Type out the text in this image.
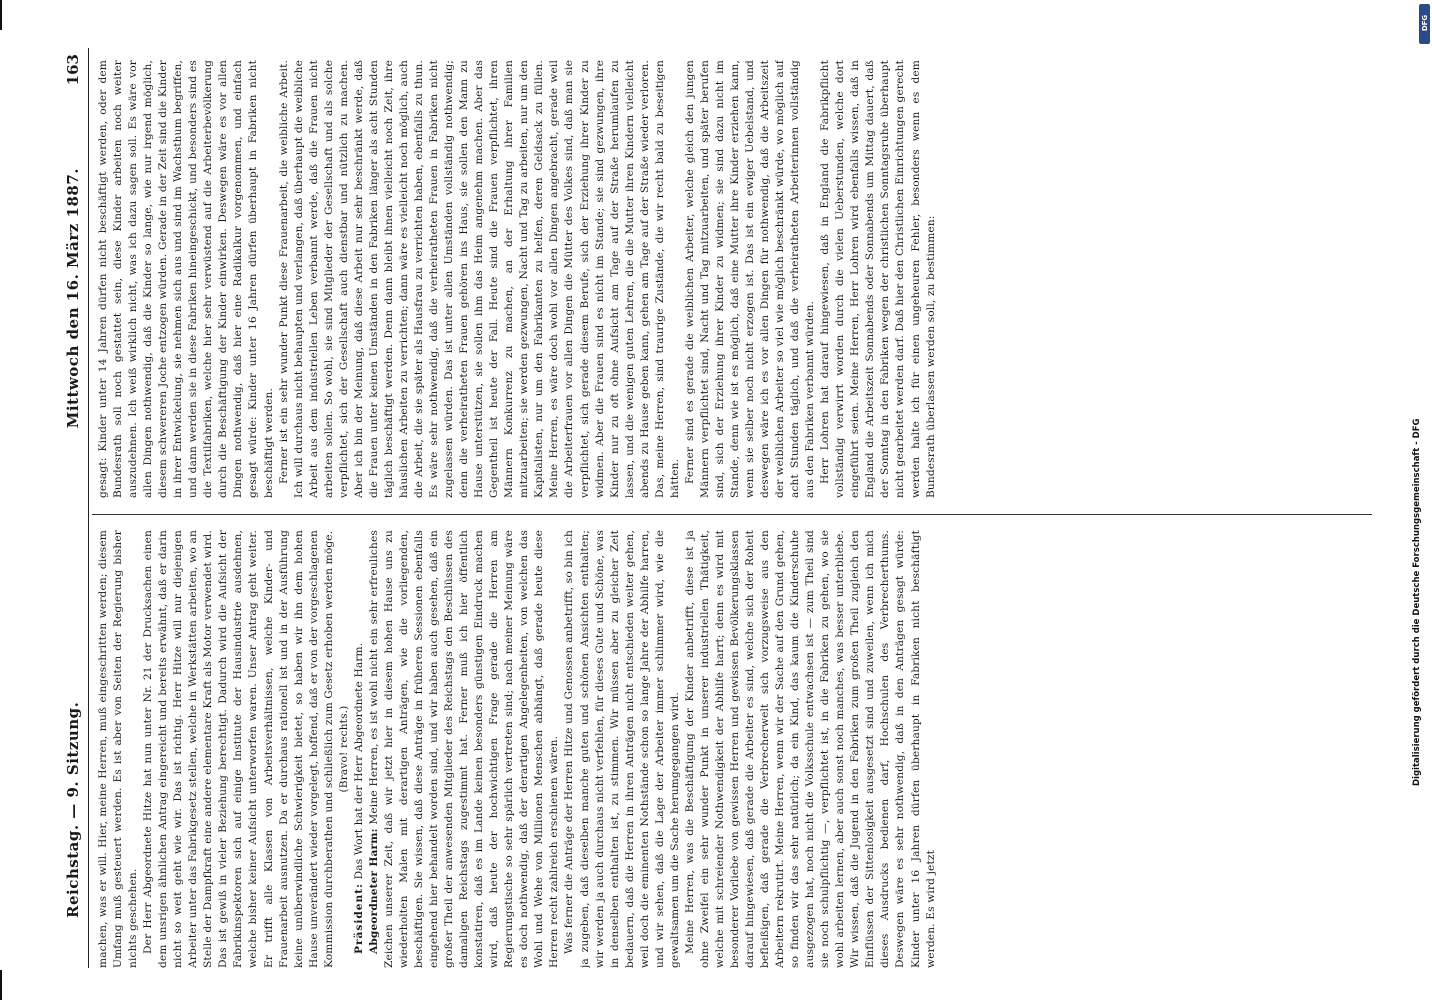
Reichstag. — 9. Sitzung.
Mittwoch den 16. März 1887.
163

machen, was er will. Hier, meine Herren, muß eingeschritten werden; diesem Umfang muß gesteuert werden. Es ist aber von Seiten der Regierung bisher nichts geschehen. Der Herr Abgeordnete Hitze hat nun unter Nr. 21 der Drucksachen einen dem unsrigen ähnlichen Antrag eingereicht und bereits erwähnt, daß er darin nicht so weit geht wie wir. Das ist richtig. Herr Hitze will nur diejenigen Arbeiter unter das Fabrikgesetz stellen, welche in Werkstätten arbeiten, wo an Stelle der Dampfkraft eine andere elementare Kraft als Motor verwendet wird. Das ist gewiß in vieler Beziehung berechtigt. Dadurch wird die Aufsicht der Fabrikinspektoren sich auf einige Institute der Hausindustrie ausdehnen, welche bisher keiner Aufsicht unterworfen waren. Unser Antrag geht weiter. Er trifft alle Klassen von Arbeitsverhältnissen, welche Kinder- und Frauenarbeit ausnutzen. Da er durchaus rationell ist und in der Ausführung keine unüberwindliche Schwierigkeit bietet, so haben wir ihn dem hohen Hause unverändert wieder vorgelegt, hoffend, daß er von der vorgeschlagenen Kommission durchberathen und schließlich zum Gesetz erhoben werden möge. (Bravo! rechts.)

Präsident: Das Wort hat der Herr Abgeordnete Harm.

Abgeordneter Harm: Meine Herren, es ist wohl nicht ein sehr erfreuliches Zeichen unserer Zeit, daß wir jetzt hier in diesem hohen Hause uns zu wiederholten Malen mit derartigen Anträgen, wie die vorliegenden, beschäftigen. Sie wissen, daß diese Anträge in früheren Sessionen ebenfalls eingehend hier behandelt worden sind, und wir haben auch gesehen, daß ein großer Theil der anwesenden Mitglieder des Reichstags den Beschlüssen des damaligen Reichstags zugestimmt hat. Ferner muß ich hier öffentlich konstatiren, daß es im Lande keinen besonders günstigen Eindruck machen wird, daß heute der hochwichtigen Frage gerade die Herren am Regierungstische so sehr spärlich vertreten sind; nach meiner Meinung wäre es doch nothwendig, daß der derartigen Angelegenheiten, von welchen das Wohl und Wehe von Millionen Menschen abhängt, daß gerade heute diese Herren recht zahlreich erschienen wären. Was ferner die Anträge der Herren Hitze und Genossen anbetrifft, so bin ich ja zugeben, daß dieselben manche guten und schönen Ansichten enthalten; wir werden ja auch durchaus nicht verfehlen, für dieses Gute und Schöne, was in denselben enthalten ist, zu stimmen. Wir müssen aber zu gleicher Zeit bedauern, daß die Herren in ihren Anträgen nicht entschieden weiter gehen, weil doch die eminenten Nothstände schon so lange Jahre der Abhilfe harren, und wir sehen, daß die Lage der Arbeiter immer schlimmer wird, wie die gewaltsamen um die Sache herumgegangen wird. Meine Herren, was die Beschäftigung der Kinder anbetrifft, diese ist ja ohne Zweifel ein sehr wunder Punkt in unserer industriellen Thätigkeit, welche mit schreiender Nothwendigkeit der Abhilfe harrt; denn es wird mit besonderer Vorliebe von gewissen Herren und gewissen Bevölkerungsklassen darauf hingewiesen, daß gerade die Arbeiter es sind, welche sich der Roheit befleißigen, daß gerade die Verbrecherwelt sich vorzugsweise aus den Arbeitern rekrutirt. Meine Herren, wenn wir der Sache auf den Grund gehen, so finden wir das sehr natürlich; da ein Kind, das kaum die Kinderschuhe ausgezogen hat, noch nicht die Volksschule entwachsen ist — zum Theil sind sie noch schulpflichtig —, verpflichtet ist, in die Fabriken zu gehen, wo sie wohl arbeiten lernen, aber auch sonst noch manches, was besser unterbliebe. Wir wissen, daß die Jugend in den Fabriken zum großen Theil zugleich den Einflüssen der Sittenlosigkeit ausgesetzt sind und zuweilen, wenn ich mich dieses Ausdrucks bedienen darf, Hochschulen des Verbrecherthums. Deswegen wäre es sehr nothwendig, daß in den Anträgen gesagt würde: Kinder unter 16 Jahren dürfen überhaupt in Fabriken nicht beschäftigt werden. Es wird jetzt

gesagt: Kinder unter 14 Jahren dürfen nicht beschäftigt werden, oder dem Bundesrath soll noch gestattet sein, diese Kinder arbeiten noch weiter auszudehnen. Ich weiß wirklich nicht, was ich dazu sagen soll. Es wäre vor allen Dingen nothwendig, daß die Kinder so lange, wie nur irgend möglich, diesem schwereren Joche entzogen würden. Gerade in der Zeit sind die Kinder in ihrer Entwickelung, sie nehmen sich aus und sind im Wachsthum begriffen, und dann werden sie in diese Fabriken hineingeschickt, und besonders sind es die Textilfabriken, welche hier sehr verwüstend auf die Arbeiterbevölkerung durch die Beschäftigung der Kinder einwirken. Deswegen wäre es vor allen Dingen nothwendig, daß hier eine Radikalkur vorgenommen, und einfach gesagt würde: Kinder unter 16 Jahren dürfen überhaupt in Fabriken nicht beschäftigt werden. Ferner ist ein sehr wunder Punkt diese Frauenarbeit, die weibliche Arbeit. Ich will durchaus nicht behaupten und verlangen, daß überhaupt die weibliche Arbeit aus dem industriellen Leben verbannt werde, daß die Frauen nicht arbeiten sollen. So wohl, sie sind Mitglieder der Gesellschaft und als solche verpflichtet, sich der Gesellschaft auch dienstbar und nützlich zu machen. Aber ich bin der Meinung, daß diese Arbeit nur sehr beschränkt werde, daß die Frauen unter keinen Umständen in den Fabriken länger als acht Stunden täglich beschäftigt werden. Denn dann bleibt ihnen vielleicht noch Zeit, ihre häuslichen Arbeiten zu verrichten; dann wäre es vielleicht noch möglich, auch die Arbeit, die sie später als Hausfrau zu verrichten haben, ebenfalls zu thun. Es wäre sehr nothwendig, daß die verheiratheten Frauen in Fabriken nicht zugelassen würden. Das ist unter allen Umständen vollständig nothwendig; denn die verheiratheten Frauen gehören ins Haus, sie sollen den Mann zu Hause unterstützen, sie sollen ihm das Heim angenehm machen. Aber das Gegentheil ist heute der Fall. Heute sind die Frauen verpflichtet, ihren Männern Konkurrenz zu machen, an der Erhaltung ihrer Familien mitzuarbeiten; sie werden gezwungen, Nacht und Tag zu arbeiten, nur um den Kapitalisten, nur um den Fabrikanten zu helfen, deren Geldsack zu füllen. Meine Herren, es wäre doch wohl vor allen Dingen angebracht, gerade weil die Arbeiterfrauen vor allen Dingen die Mütter des Volkes sind, daß man sie verpflichtet, sich gerade diesem Berufe, sich der Erziehung ihrer Kinder zu widmen. Aber die Frauen sind es nicht im Stande; sie sind gezwungen, ihre Kinder nur zu oft ohne Aufsicht am Tage auf der Straße herumlaufen zu lassen, und die wenigen guten Lehren, die die Mutter ihren Kindern vielleicht abends zu Hause geben kann, gehen am Tage auf der Straße wieder verloren. Das, meine Herren, sind traurige Zustände, die wir recht bald zu beseitigen hätten. Ferner sind es gerade die weiblichen Arbeiter, welche gleich den jungen Männern verpflichtet sind, Nacht und Tag mitzuarbeiten, und später berufen sind, sich der Erziehung ihrer Kinder zu widmen; sie sind dazu nicht im Stande, denn wie ist es möglich, daß eine Mutter ihre Kinder erziehen kann, wenn sie selber noch nicht erzogen ist. Das ist ein ewiger Uebelstand, und deswegen wäre ich es vor allen Dingen für nothwendig, daß die Arbeitszeit der weiblichen Arbeiter so viel wie möglich beschränkt würde, wo möglich auf acht Stunden täglich, und daß die verheiratheten Arbeiterinnen vollständig aus den Fabriken verbannt würden. Herr Lohren hat darauf hingewiesen, daß in England die Fabrikpflicht vollständig verwirrt worden durch die vielen Ueberstunden, welche dort eingeführt seien. Meine Herren, Herr Lohren wird ebenfalls wissen, daß in England die Arbeitszeit Sonnabends oder Sonnabends um Mittag dauert, daß der Sonntag in den Fabriken wegen der christlichen Sonntagsruhe überhaupt nicht gearbeitet werden darf. Daß hier den Christlichen Einrichtungen gerecht werden halte ich für einen ungeheuren Fehler, besonders wenn es dem Bundesrath überlassen werden soll, zu bestimmen:

Digitalisierung gefördert durch die Deutsche Forschungsgemeinschaft - DFG
DFG
